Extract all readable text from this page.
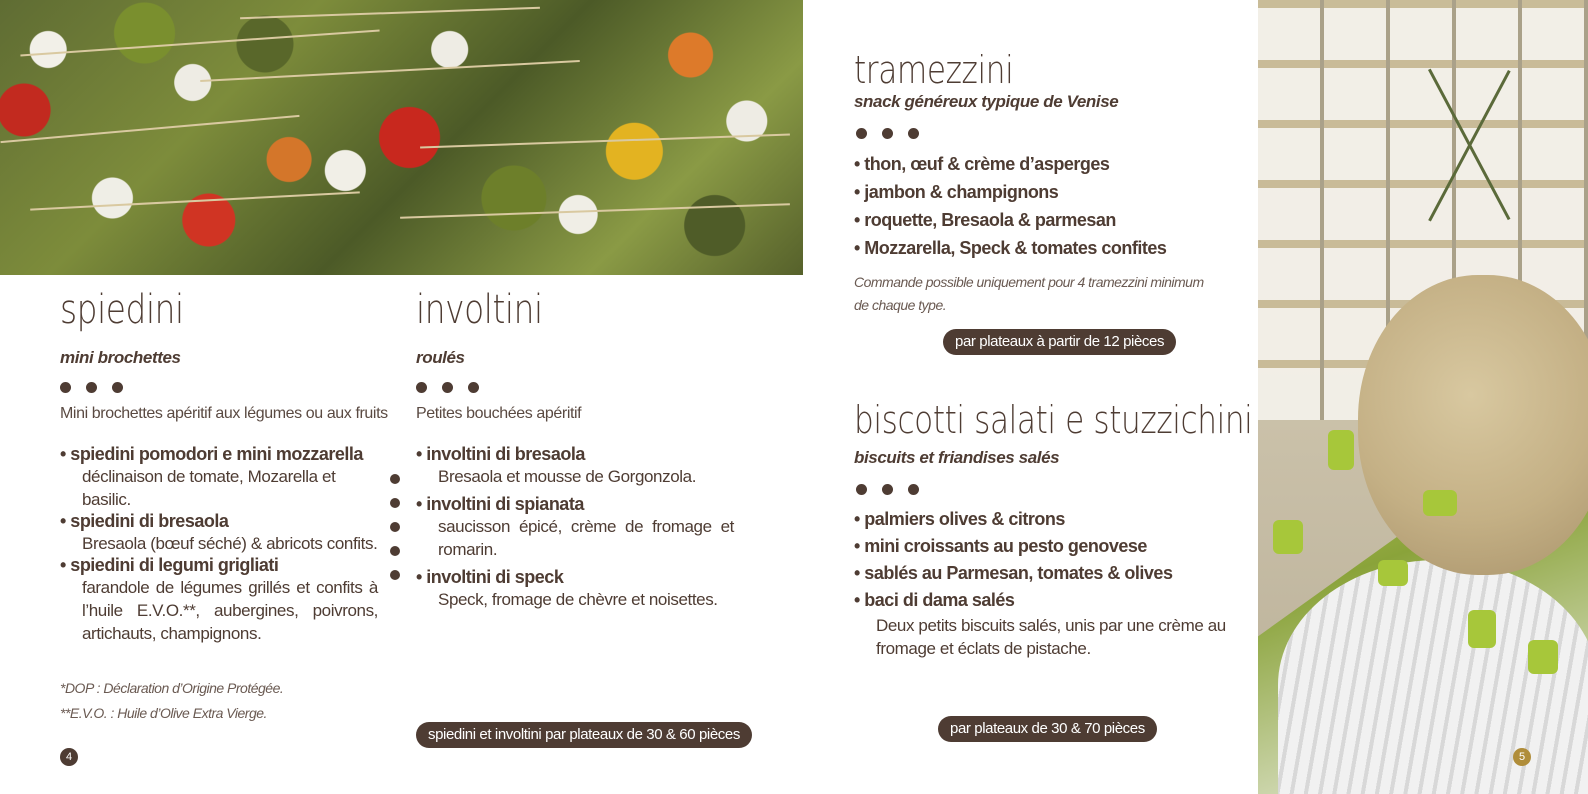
spiedini
mini brochettes
Mini brochettes apéritif aux légumes ou aux fruits
• spiedini pomodori e mini mozzarella
déclinaison de tomate, Mozarella et basilic.
• spiedini di bresaola
Bresaola (bœuf séché) & abricots confits.
• spiedini di legumi grigliati
farandole de légumes grillés et confits à l’huile E.V.O.**, aubergines, poivrons, artichauts, champignons.
involtini
roulés
Petites bouchées apéritif
• involtini di bresaola
Bresaola et mousse de Gorgonzola.
• involtini di spianata
saucisson épicé, crème de fromage et romarin.
• involtini di speck
Speck, fromage de chèvre et noisettes.
*DOP : Déclaration d’Origine Protégée.
**E.V.O. : Huile d’Olive Extra Vierge.
spiedini et involtini par plateaux de 30 & 60 pièces
4
tramezzini
snack généreux typique de Venise
• thon, œuf & crème d’asperges
• jambon & champignons
• roquette, Bresaola & parmesan
• Mozzarella, Speck & tomates confites
Commande possible uniquement pour 4 tramezzini minimum
de chaque type.
par plateaux à partir de 12 pièces
biscotti salati e stuzzichini
biscuits et friandises salés
• palmiers olives & citrons
• mini croissants au pesto genovese
• sablés au Parmesan, tomates & olives
• baci di dama salés
Deux petits biscuits salés, unis par une crème au fromage et éclats de pistache.
par plateaux de 30 & 70 pièces
5
